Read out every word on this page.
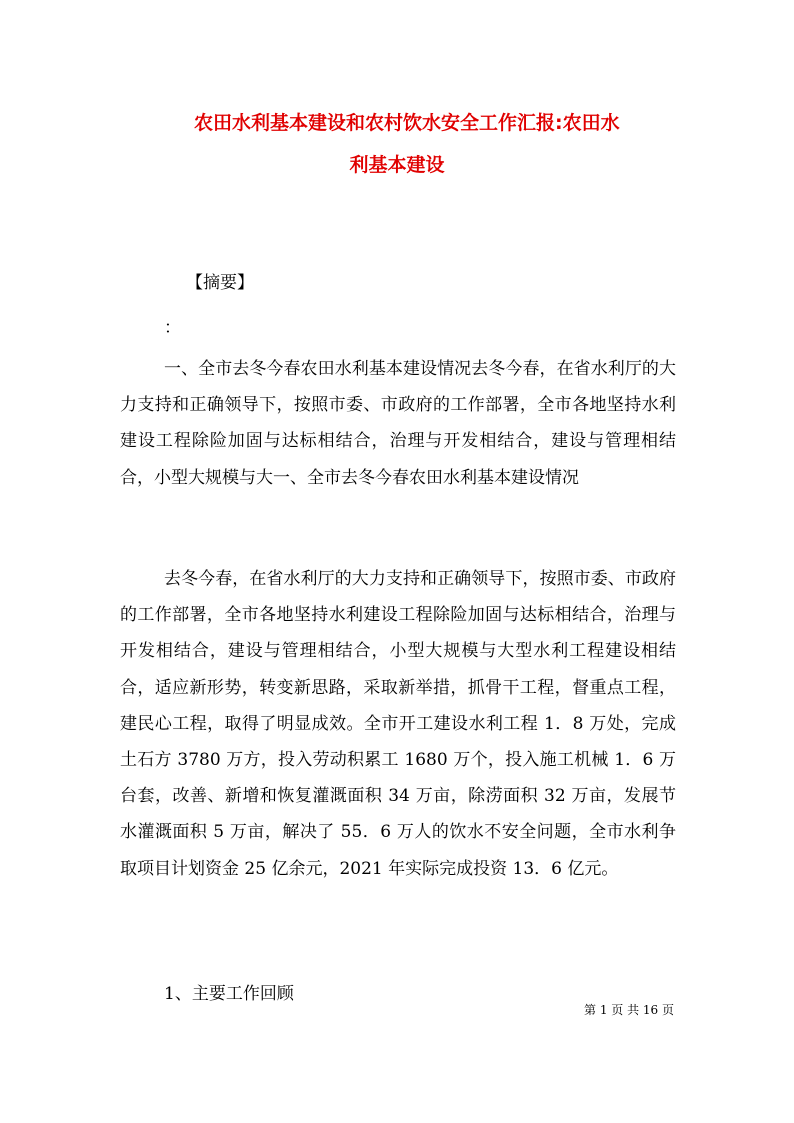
农田水利基本建设和农村饮水安全工作汇报:农田水
利基本建设
【摘要】
：
一、全市去冬今春农田水利基本建设情况去冬今春，在省水利厅的大力支持和正确领导下，按照市委、市政府的工作部署，全市各地坚持水利建设工程除险加固与达标相结合，治理与开发相结合，建设与管理相结合，小型大规模与大一、全市去冬今春农田水利基本建设情况
去冬今春，在省水利厅的大力支持和正确领导下，按照市委、市政府的工作部署，全市各地坚持水利建设工程除险加固与达标相结合，治理与开发相结合，建设与管理相结合，小型大规模与大型水利工程建设相结合，适应新形势，转变新思路，采取新举措，抓骨干工程，督重点工程，建民心工程，取得了明显成效。全市开工建设水利工程 1．8 万处，完成土石方 3780 万方，投入劳动积累工 1680 万个，投入施工机械 1．6 万台套，改善、新增和恢复灌溉面积 34 万亩，除涝面积 32 万亩，发展节水灌溉面积 5 万亩，解决了 55．6 万人的饮水不安全问题，全市水利争取项目计划资金 25 亿余元，2021 年实际完成投资 13．6 亿元。
1、主要工作回顾
第 1 页 共 16 页
